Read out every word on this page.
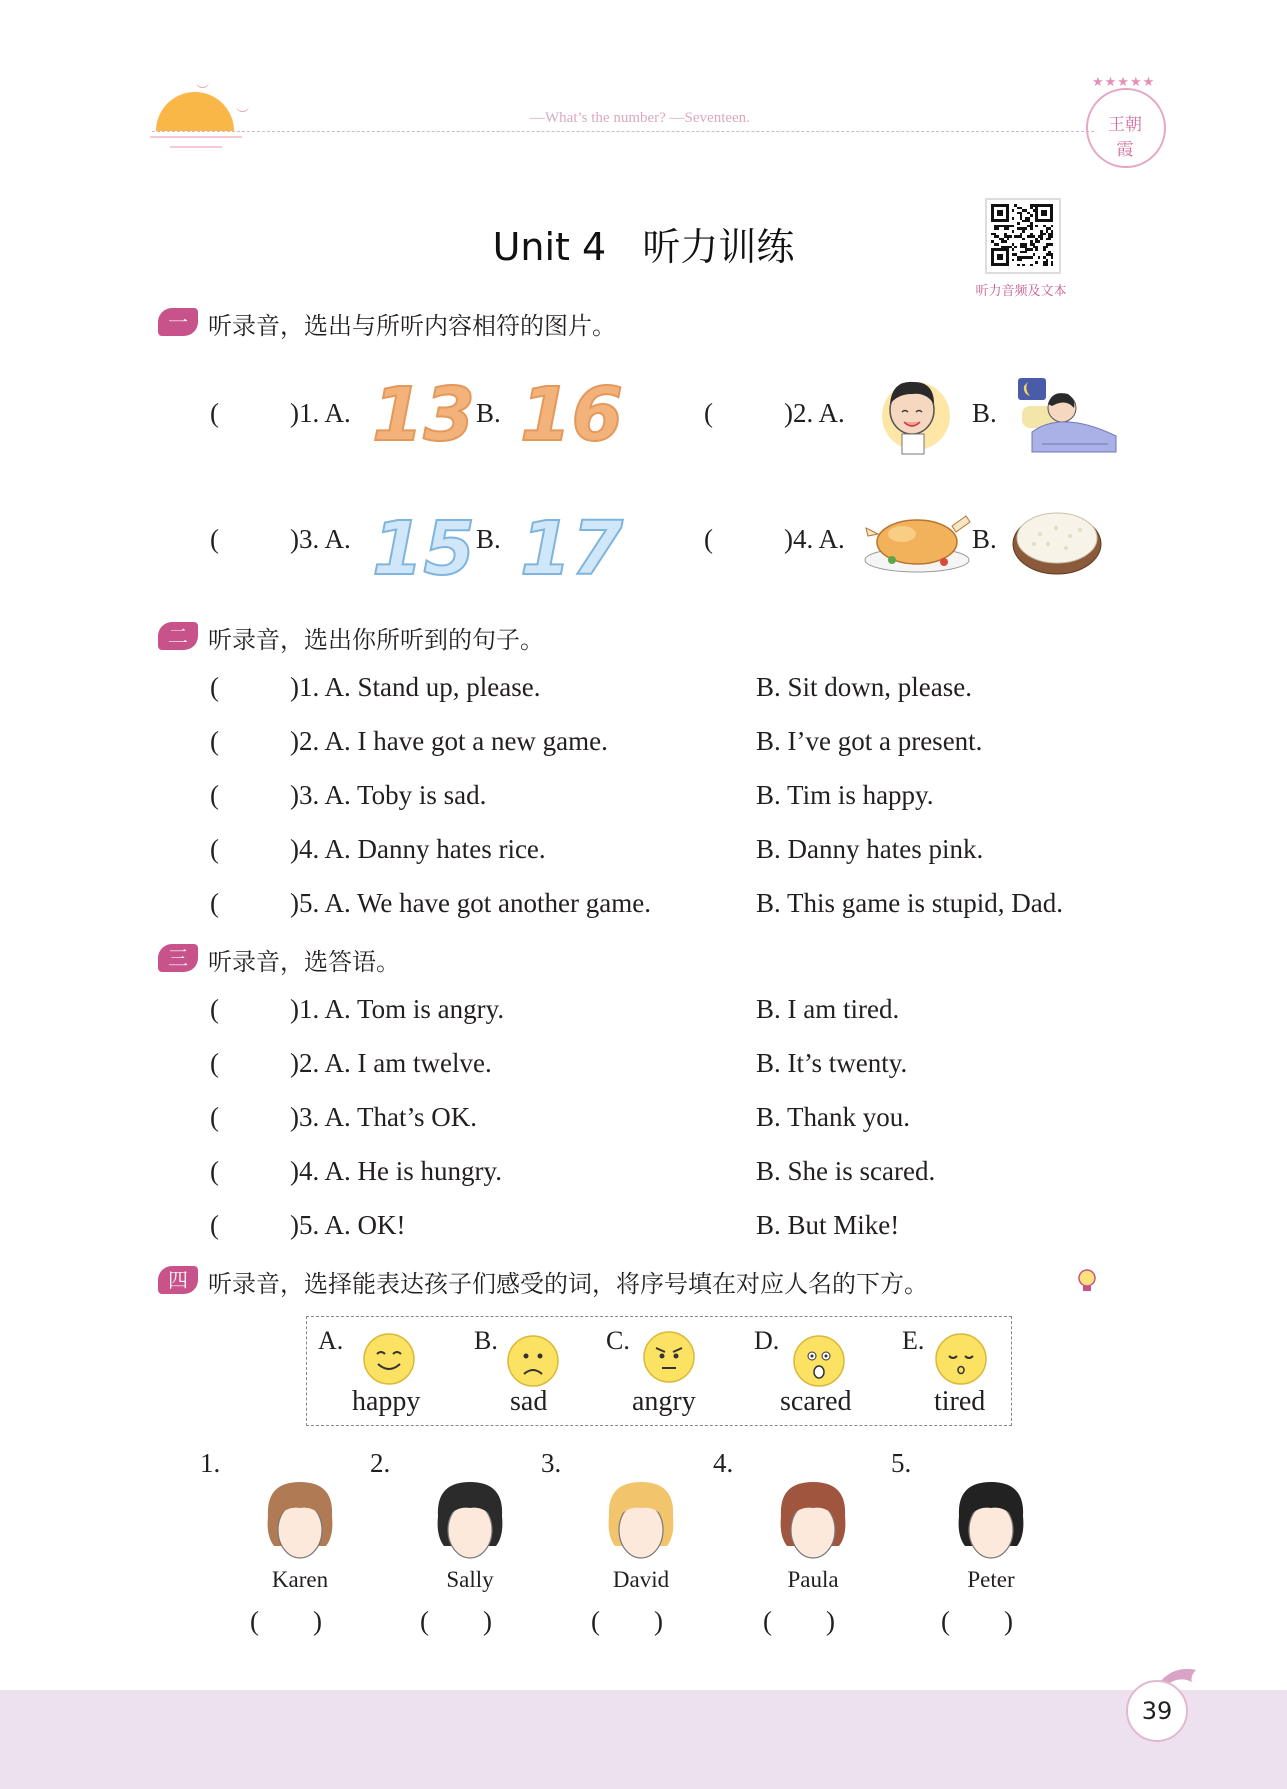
︶
︶	—What’s the number? —Seventeen.
★★★★★
王朝霞
Unit 4   听力训练
听力音频及文本
一 听录音，选出与所听内容相符的图片。
(	)1. A. 13 B. 16	(	)2. A.	B.
(	)3. A. 15 B. 17	(	)4. A.	B.
二 听录音，选出你所听到的句子。
(	)1. A. Stand up, please.	B. Sit down, please.
(	)2. A. I have got a new game.	B. I’ve got a present.
(	)3. A. Toby is sad.	B. Tim is happy.
(	)4. A. Danny hates rice.	B. Danny hates pink.
(	)5. A. We have got another game.	B. This game is stupid, Dad.
三 听录音，选答语。
(	)1. A. Tom is angry.	B. I am tired.
(	)2. A. I am twelve.	B. It’s twenty.
(	)3. A. That’s OK.	B. Thank you.
(	)4. A. He is hungry.	B. She is scared.
(	)5. A. OK!	B. But Mike!
四 听录音，选择能表达孩子们感受的词，将序号填在对应人名的下方。
A.
happy
B.
sad
C.
angry
D.
scared
E.
tired
1.
Karen
(        )
2.
Sally
(        )
3.
David
(        )
4.
Paula
(        )
5.
Peter
(        )
39
